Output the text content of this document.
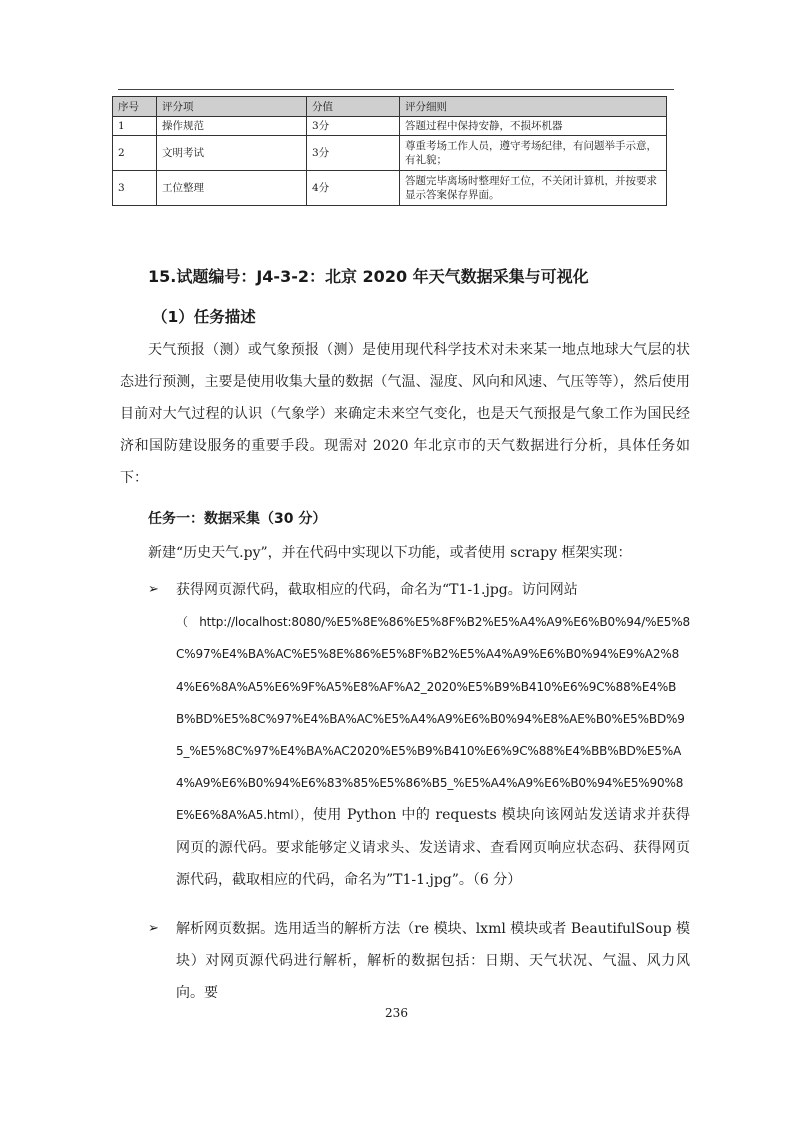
序号	评分项	分值	评分细则
1	操作规范	3分	答题过程中保持安静，不损坏机器
2	文明考试	3分	尊重考场工作人员，遵守考场纪律，有问题举手示意，有礼貌；
3	工位整理	4分	答题完毕离场时整理好工位，不关闭计算机，并按要求显示答案保存界面。
15.试题编号：J4-3-2：北京 2020 年天气数据采集与可视化
（1）任务描述
天气预报（测）或气象预报（测）是使用现代科学技术对未来某一地点地球大气层的状态进行预测，主要是使用收集大量的数据（气温、湿度、风向和风速、气压等等），然后使用目前对大气过程的认识（气象学）来确定未来空气变化，也是天气预报是气象工作为国民经济和国防建设服务的重要手段。现需对 2020 年北京市的天气数据进行分析，具体任务如下：
任务一：数据采集（30 分）
新建“历史天气.py”，并在代码中实现以下功能，或者使用 scrapy 框架实现：
➢ 获得网页源代码，截取相应的代码，命名为“T1-1.jpg。访问网站
（http://localhost:8080/%E5%8E%86%E5%8F%B2%E5%A4%A9%E6%B0%94/%E5%8C%97%E4%BA%AC%E5%8E%86%E5%8F%B2%E5%A4%A9%E6%B0%94%E9%A2%84%E6%8A%A5%E6%9F%A5%E8%AF%A2_2020%E5%B9%B410%E6%9C%88%E4%BB%BD%E5%8C%97%E4%BA%AC%E5%A4%A9%E6%B0%94%E8%AE%B0%E5%BD%95_%E5%8C%97%E4%BA%AC2020%E5%B9%B410%E6%9C%88%E4%BB%BD%E5%A4%A9%E6%B0%94%E6%83%85%E5%86%B5_%E5%A4%A9%E6%B0%94%E5%90%8E%E6%8A%A5.html），使用 Python 中的 requests 模块向该网站发送请求并获得网页的源代码。要求能够定义请求头、发送请求、查看网页响应状态码、获得网页源代码，截取相应的代码，命名为”T1-1.jpg”。（6 分）
➢ 解析网页数据。选用适当的解析方法（re 模块、lxml 模块或者 BeautifulSoup 模块）对网页源代码进行解析，解析的数据包括：日期、天气状况、气温、风力风向。要
236
